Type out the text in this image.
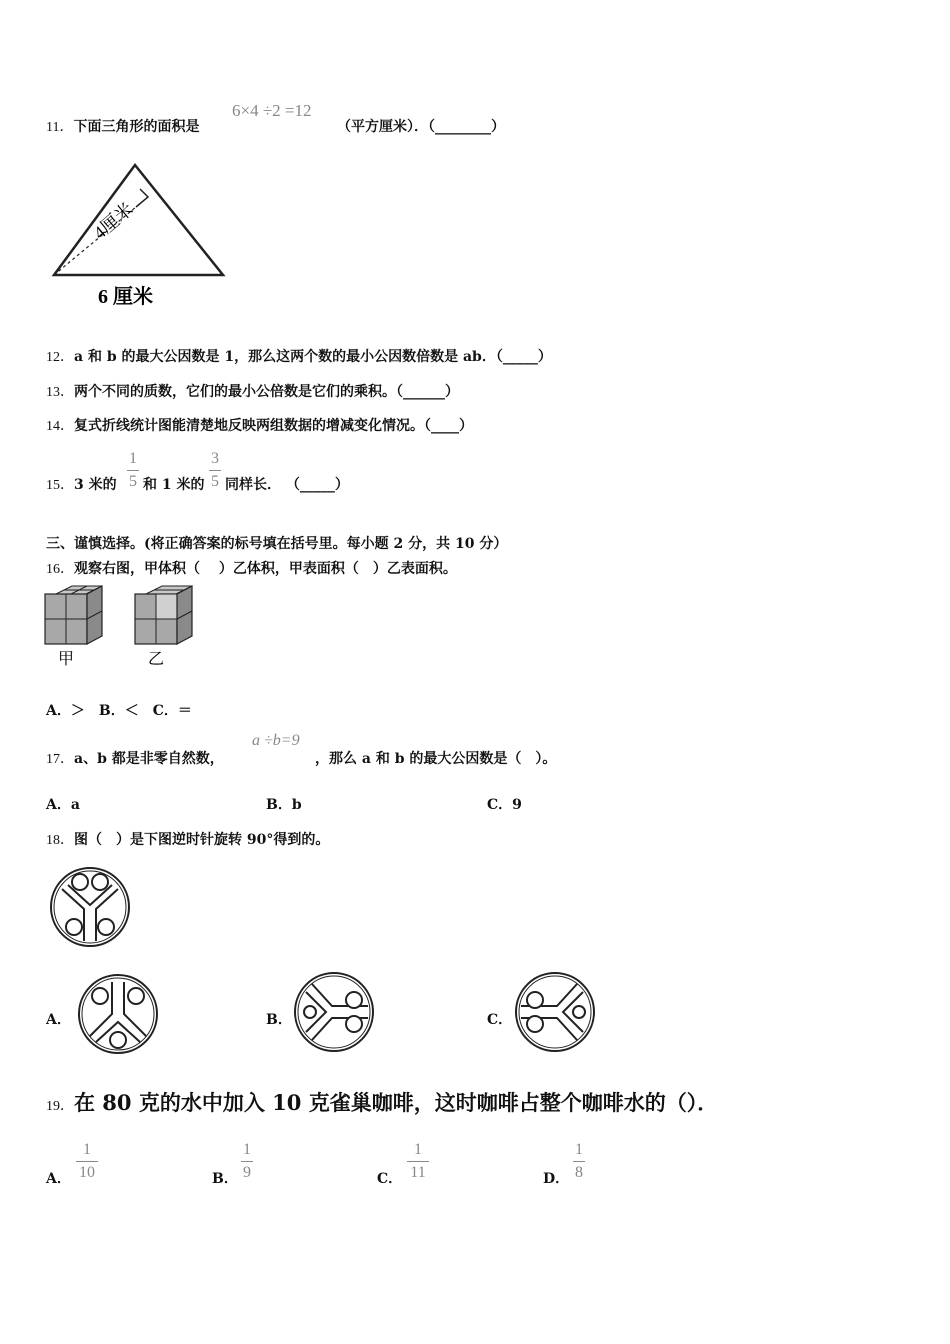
11．下面三角形的面积是
6×4 ÷2 =12
（平方厘米）．（________）
4厘米
6 厘米
12．a 和 b 的最大公因数是 1，那么这两个数的最小公因数倍数是 ab．（_____）
13．两个不同的质数，它们的最小公倍数是它们的乘积。（______）
14．复式折线统计图能清楚地反映两组数据的增减变化情况。（____）
15．3 米的
1
5 和 1 米的
3
5 同样长． （_____）
三、谨慎选择。(将正确答案的标号填在括号里。每小题 2 分，共 10 分）
16．观察右图，甲体积（　 ）乙体积，甲表面积（　）乙表面积。
甲	乙
A．＞　B．＜　C．＝
17．a、b 都是非零自然数，
a ÷b=9
，那么 a 和 b 的最大公因数是（　）。
A．a	B．b	C．9
18．图（　）是下图逆时针旋转 90°得到的。
A．	B．	C．
19．在 80 克的水中加入 10 克雀巢咖啡，这时咖啡占整个咖啡水的（）．
A．
1
10	B．
1
9	C．
1
11	D．
1
8
